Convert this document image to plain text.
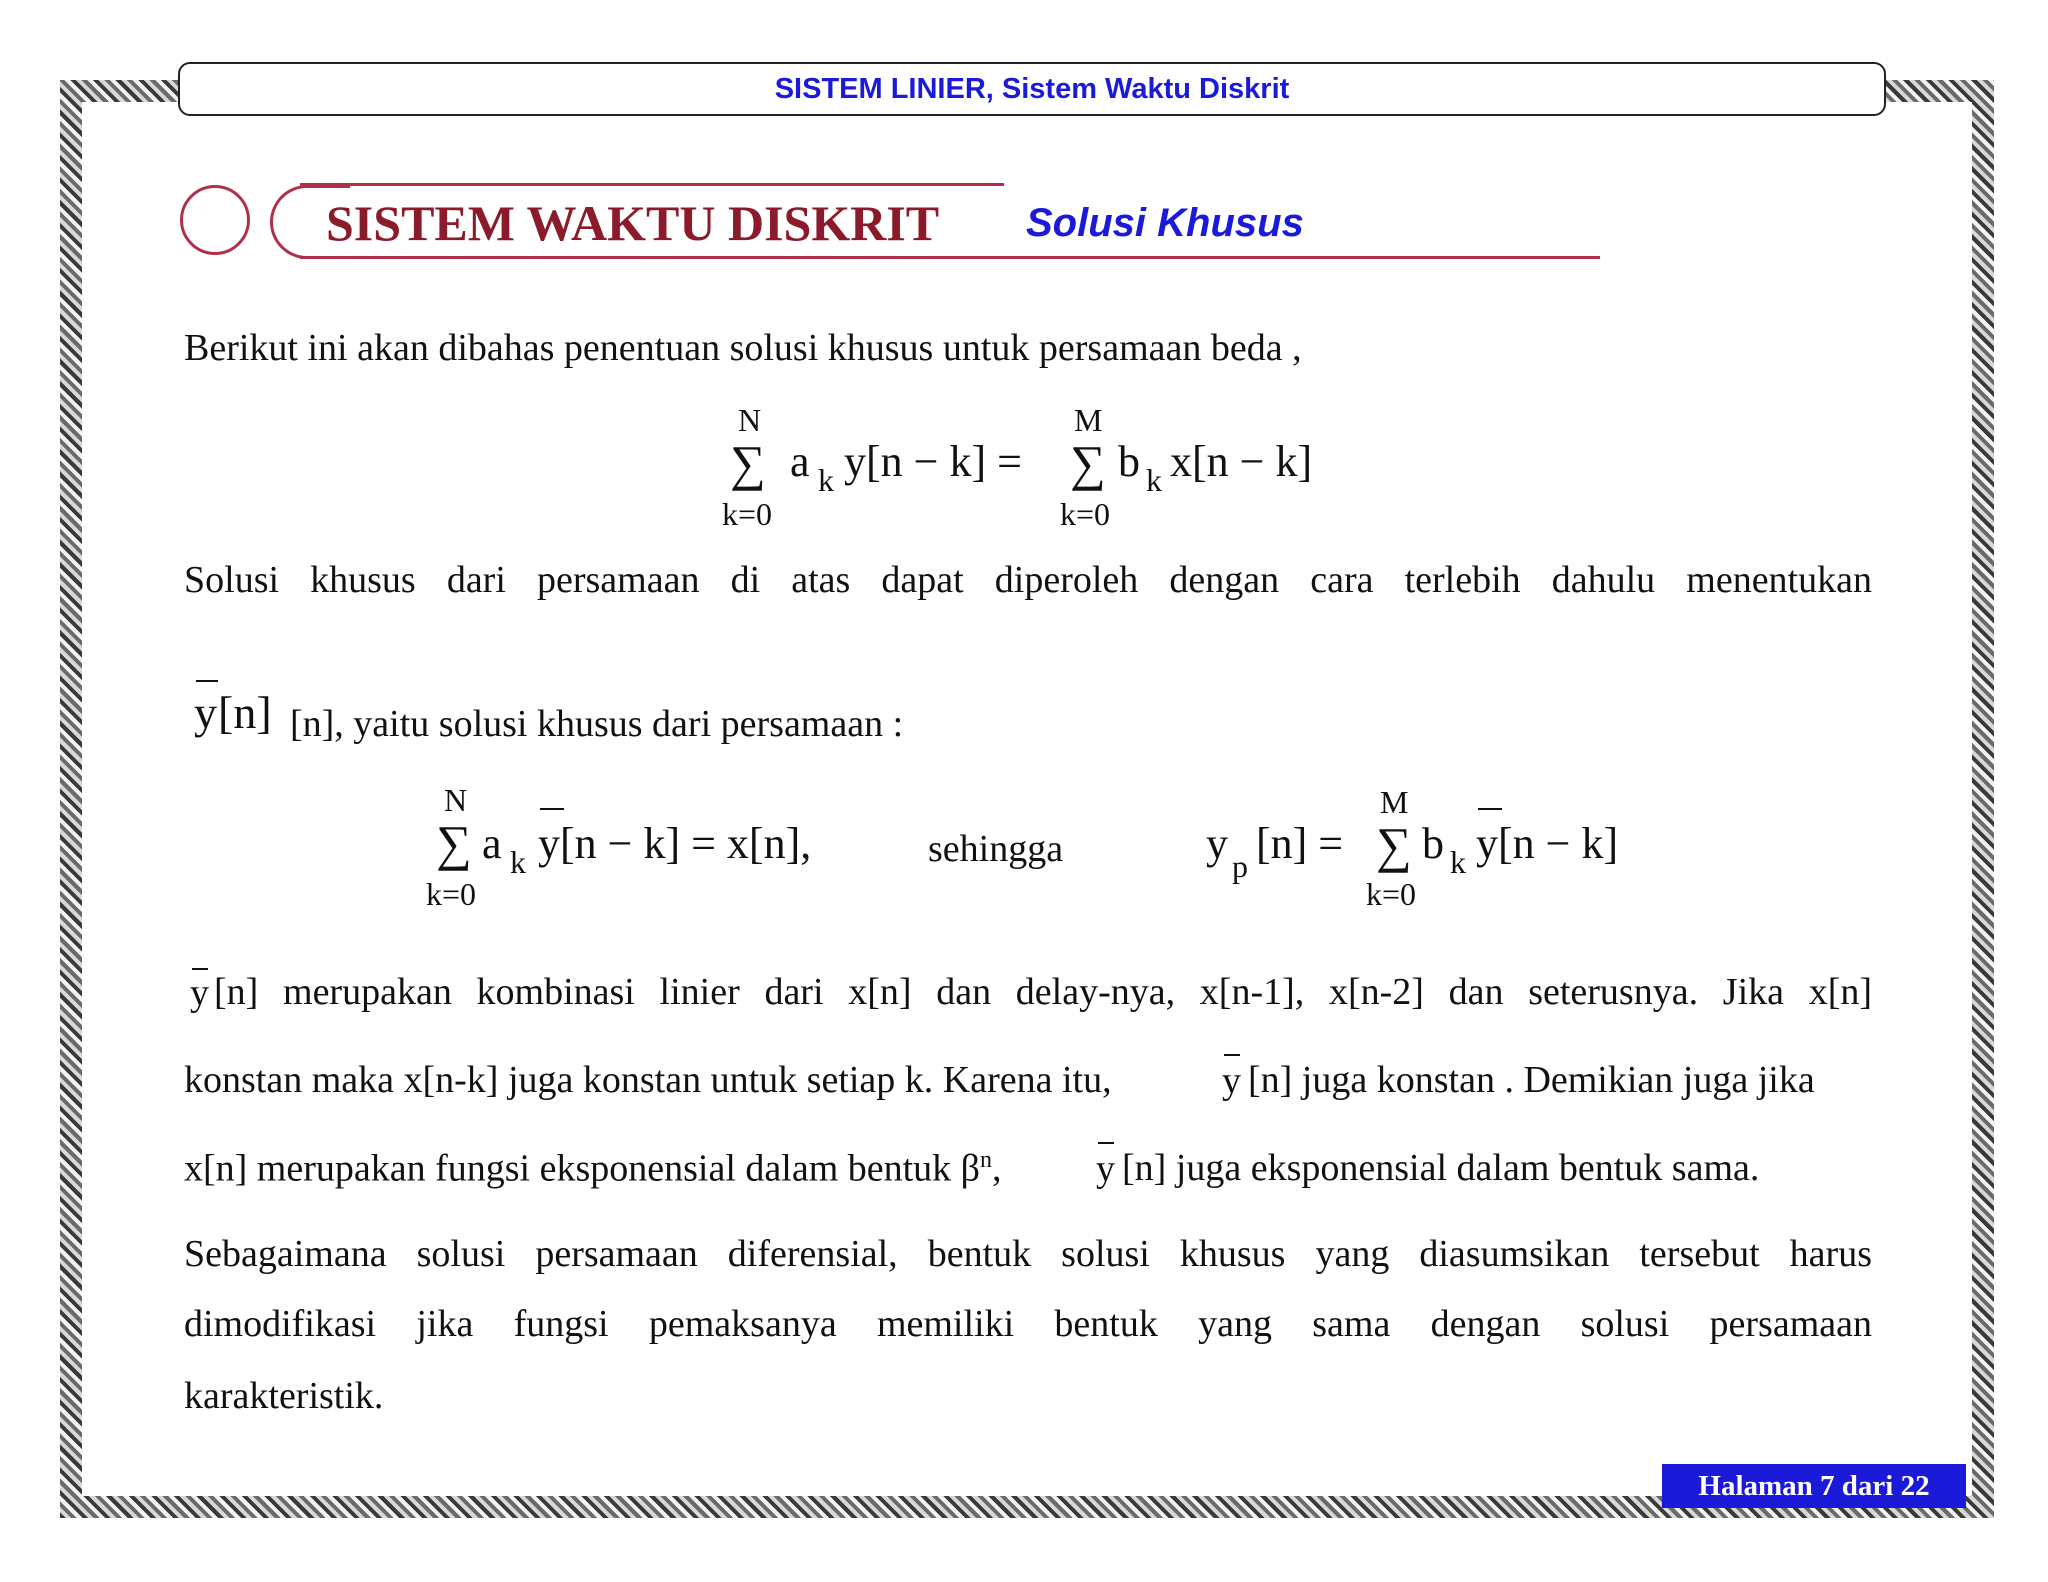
SISTEM LINIER, Sistem Waktu Diskrit
SISTEM WAKTU DISKRIT Solusi Khusus
Berikut ini akan dibahas penentuan solusi khusus untuk persamaan beda ,
N
∑
k=0
a k y[n − k] =
M
∑
k=0
b k x[n − k]
Solusi khusus dari persamaan di atas dapat diperoleh dengan cara terlebih dahulu menentukan
y [n] [n], yaitu solusi khusus dari persamaan :
N
∑
k=0
a k y[n − k] = x[n],	sehingga	y p [n] =
M
∑
k=0
b k y[n − k]
y [n] merupakan kombinasi linier dari x[n] dan delay-nya, x[n-1], x[n-2] dan seterusnya. Jika x[n]
konstan maka x[n-k] juga konstan untuk setiap k. Karena itu,	y [n] juga konstan . Demikian juga jika
x[n] merupakan fungsi eksponensial dalam bentuk $\beta^n$,	y [n] juga eksponensial dalam bentuk sama.
Sebagaimana solusi persamaan diferensial, bentuk solusi khusus yang diasumsikan tersebut harus
dimodifikasi jika fungsi pemaksanya memiliki bentuk yang sama dengan solusi persamaan
karakteristik.
Halaman 7 dari 22
